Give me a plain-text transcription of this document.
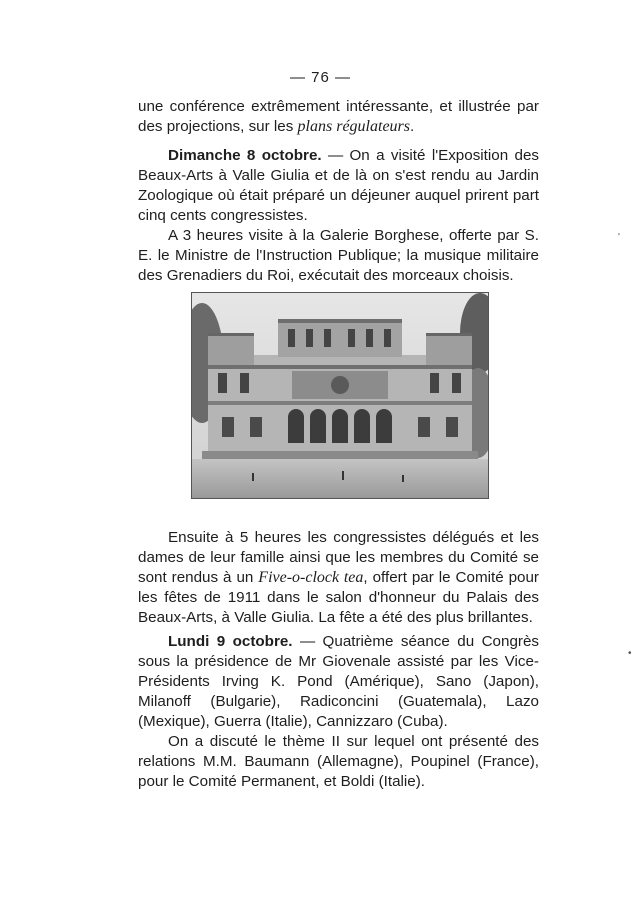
— 76 —

une conférence extrêmement intéressante, et illustrée par des projections, sur les plans régulateurs.

Dimanche 8 octobre. — On a visité l'Exposition des Beaux-Arts à Valle Giulia et de là on s'est rendu au Jardin Zoologique où était préparé un déjeuner auquel prirent part cinq cents congressistes.

A 3 heures visite à la Galerie Borghese, offerte par S. E. le Ministre de l'Instruction Publique; la musique militaire des Grenadiers du Roi, exécutait des morceaux choisis.

Ensuite à 5 heures les congressistes délégués et les dames de leur famille ainsi que les membres du Comité se sont rendus à un Five-o-clock tea, offert par le Comité pour les fêtes de 1911 dans le salon d'honneur du Palais des Beaux-Arts, à Valle Giulia. La fête a été des plus brillantes.

Lundi 9 octobre. — Quatrième séance du Congrès sous la présidence de Mr Giovenale assisté par les Vice-Présidents Irving K. Pond (Amérique), Sano (Japon), Milanoff (Bulgarie), Radiconcini (Guatemala), Lazo (Mexique), Guerra (Italie), Cannizzaro (Cuba).

On a discuté le thème II sur lequel ont présenté des relations M.M. Baumann (Allemagne), Poupinel (France), pour le Comité Permanent, et Boldi (Italie).

'
•
